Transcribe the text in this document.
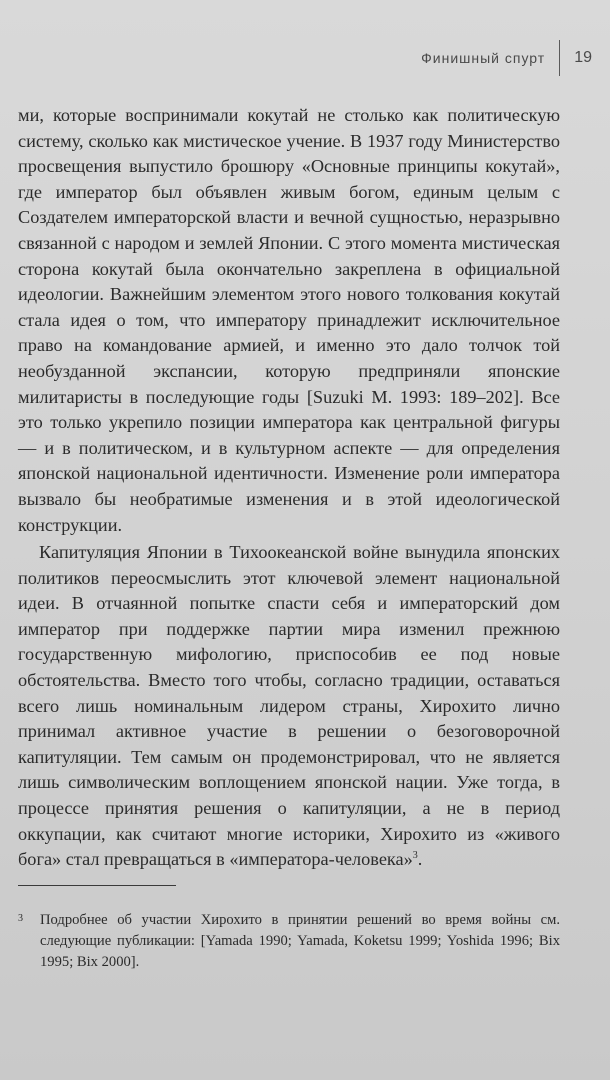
Финишный спурт 19

ми, которые воспринимали кокутай не столько как политическую систему, сколько как мистическое учение. В 1937 году Министерство просвещения выпустило брошюру «Основные принципы кокутай», где император был объявлен живым богом, единым целым с Создателем императорской власти и вечной сущностью, неразрывно связанной с народом и землей Японии. С этого момента мистическая сторона кокутай была окончательно закреплена в официальной идеологии. Важнейшим элементом этого нового толкования кокутай стала идея о том, что императору принадлежит исключительное право на командование армией, и именно это дало толчок той необузданной экспансии, которую предприняли японские милитаристы в последующие годы [Suzuki M. 1993: 189–202]. Все это только укрепило позиции императора как центральной фигуры — и в политическом, и в культурном аспекте — для определения японской национальной идентичности. Изменение роли императора вызвало бы необратимые изменения и в этой идеологической конструкции.

Капитуляция Японии в Тихоокеанской войне вынудила японских политиков переосмыслить этот ключевой элемент национальной идеи. В отчаянной попытке спасти себя и императорский дом император при поддержке партии мира изменил прежнюю государственную мифологию, приспособив ее под новые обстоятельства. Вместо того чтобы, согласно традиции, оставаться всего лишь номинальным лидером страны, Хирохито лично принимал активное участие в решении о безоговорочной капитуляции. Тем самым он продемонстрировал, что не является лишь символическим воплощением японской нации. Уже тогда, в процессе принятия решения о капитуляции, а не в период оккупации, как считают многие историки, Хирохито из «живого бога» стал превращаться в «императора-человека»$^3$.

3 Подробнее об участии Хирохито в принятии решений во время войны см. следующие публикации: [Yamada 1990; Yamada, Koketsu 1999; Yoshida 1996; Bix 1995; Bix 2000].
